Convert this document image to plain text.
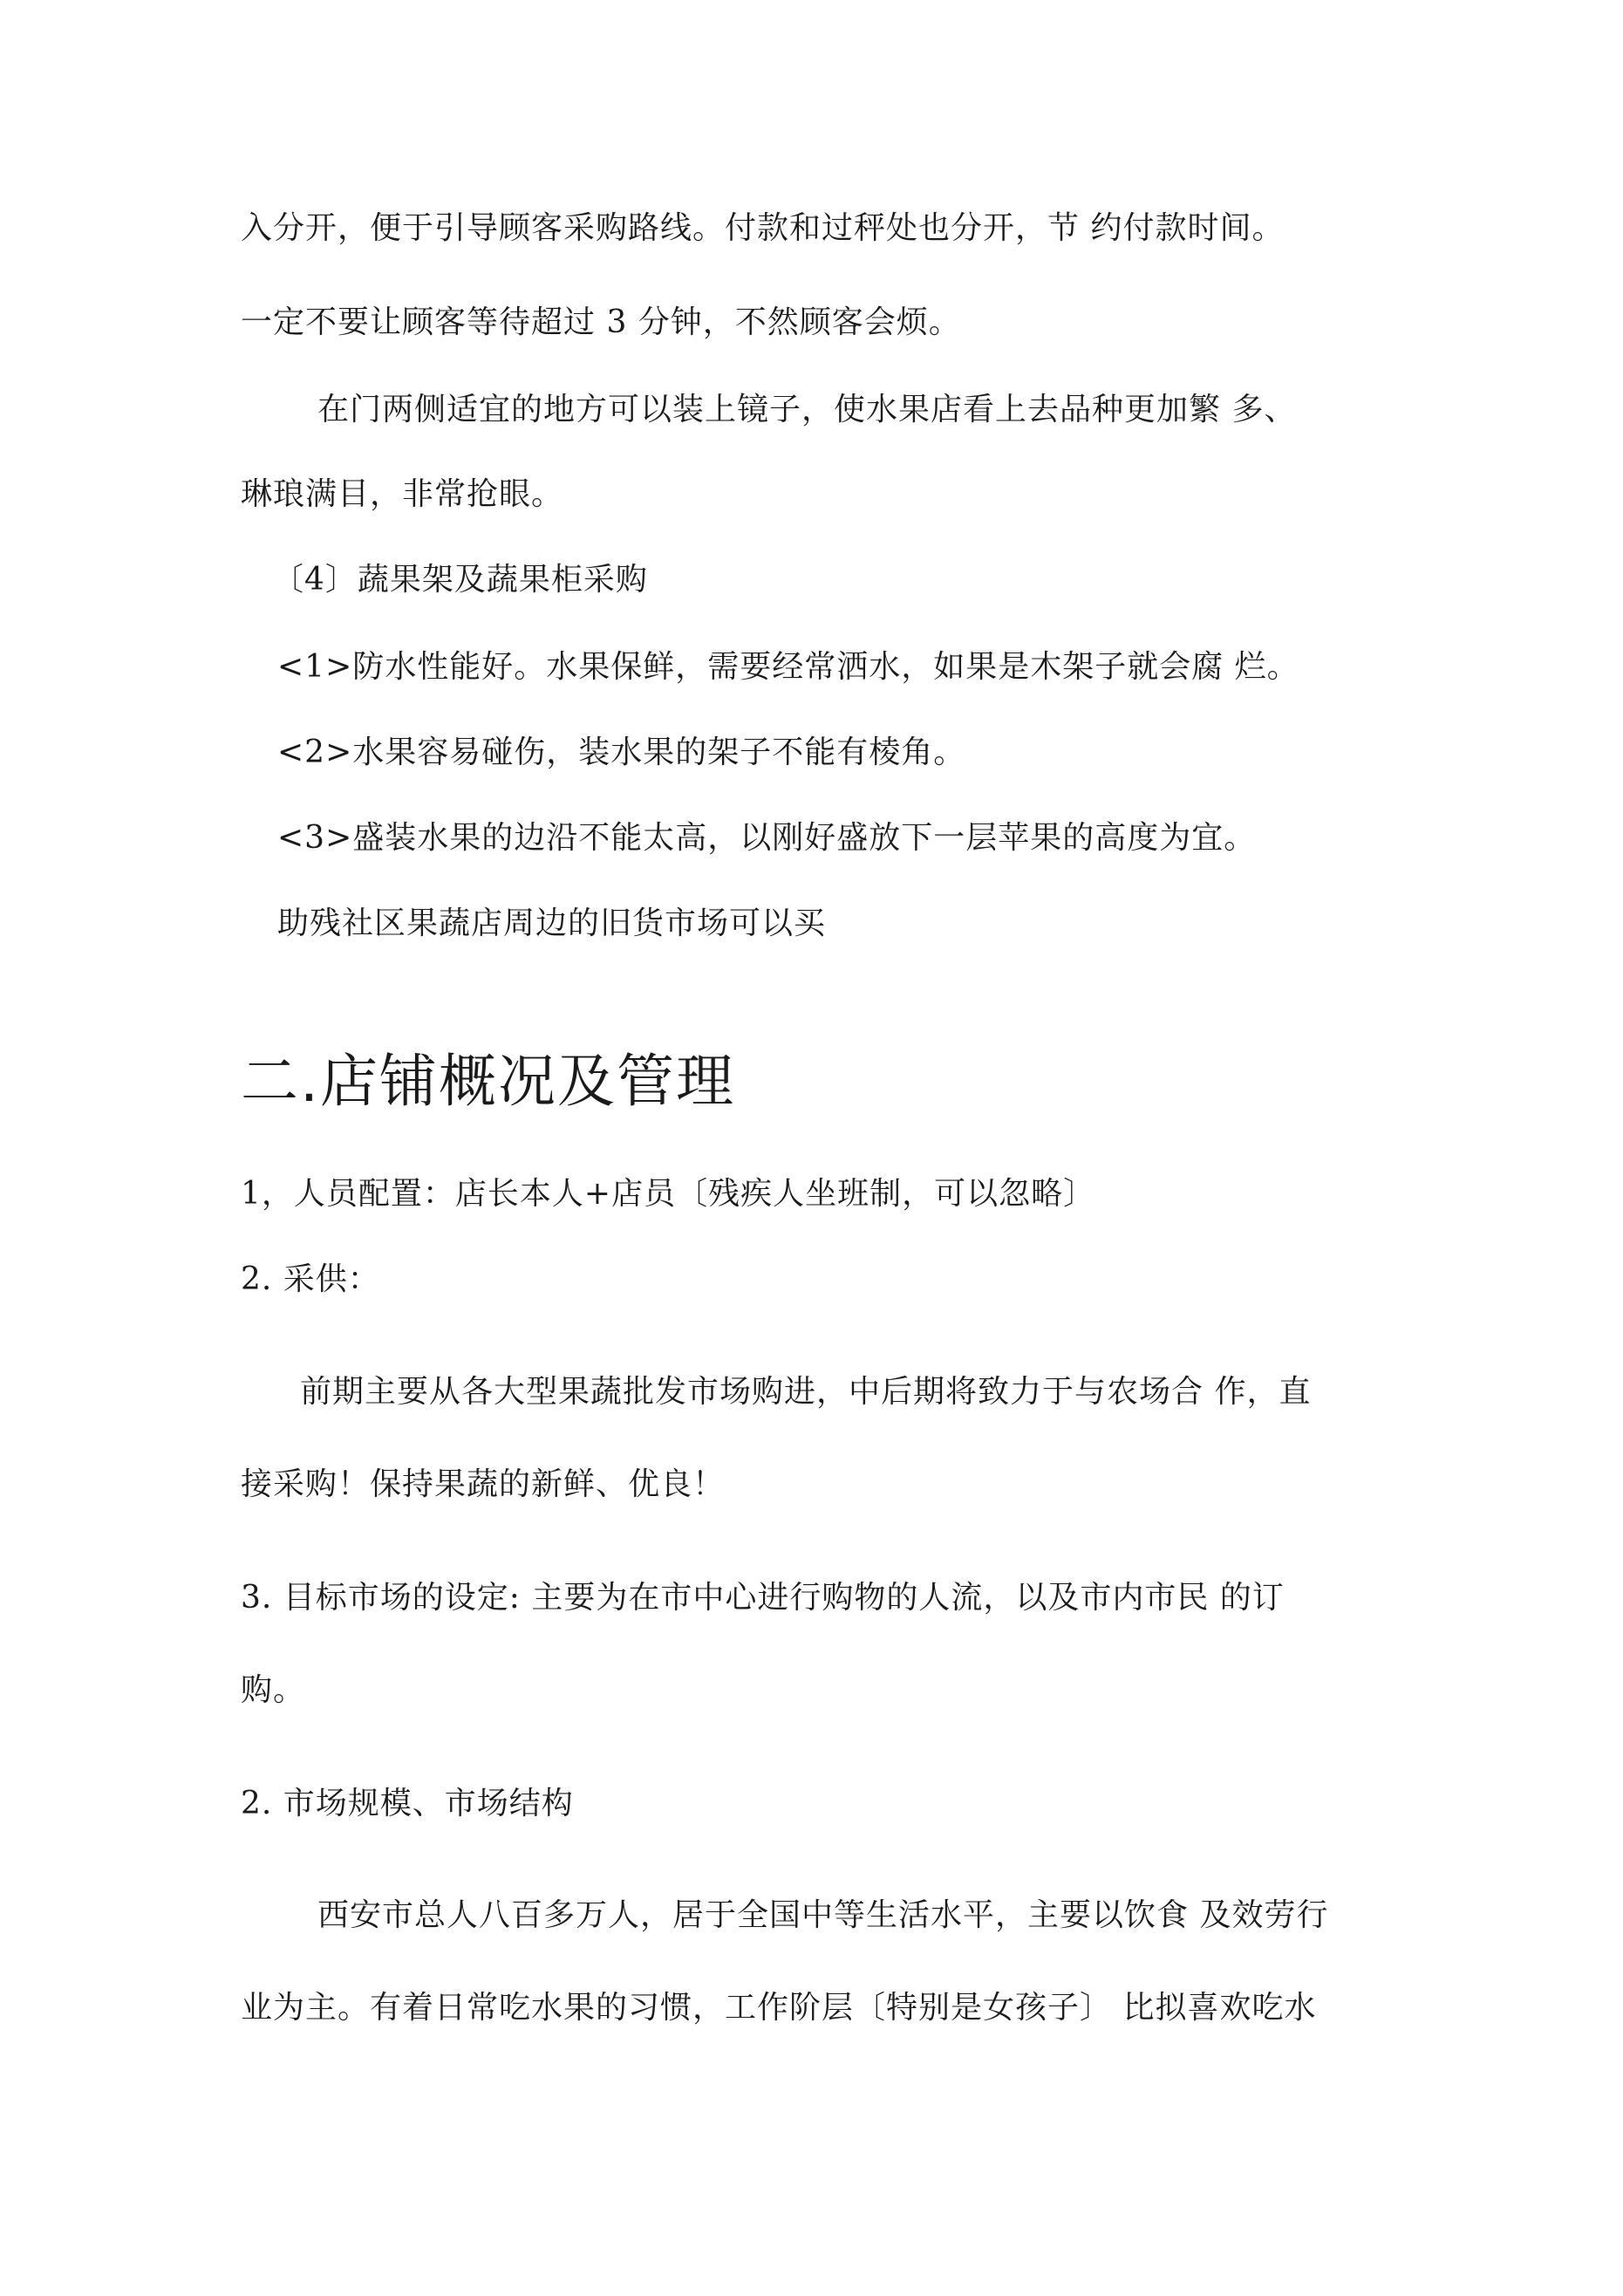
入分开，便于引导顾客采购路线。付款和过秤处也分开，节 约付款时间。
一定不要让顾客等待超过 3 分钟，不然顾客会烦。
在门两侧适宜的地方可以装上镜子，使水果店看上去品种更加繁 多、
琳琅满目，非常抢眼。
〔4〕蔬果架及蔬果柜采购
<1>防水性能好。水果保鲜，需要经常洒水，如果是木架子就会腐 烂。
<2>水果容易碰伤，装水果的架子不能有棱角。
<3>盛装水果的边沿不能太高，以刚好盛放下一层苹果的高度为宜。
助残社区果蔬店周边的旧货市场可以买
二.店铺概况及管理
1，人员配置：店长本人+店员〔残疾人坐班制，可以忽略〕
2. 采供：
前期主要从各大型果蔬批发市场购进，中后期将致力于与农场合 作，直
接采购！保持果蔬的新鲜、优良！
3. 目标市场的设定: 主要为在市中心进行购物的人流，以及市内市民 的订
购。
2. 市场规模、市场结构
西安市总人八百多万人，居于全国中等生活水平，主要以饮食 及效劳行
业为主。有着日常吃水果的习惯，工作阶层〔特别是女孩子〕 比拟喜欢吃水
